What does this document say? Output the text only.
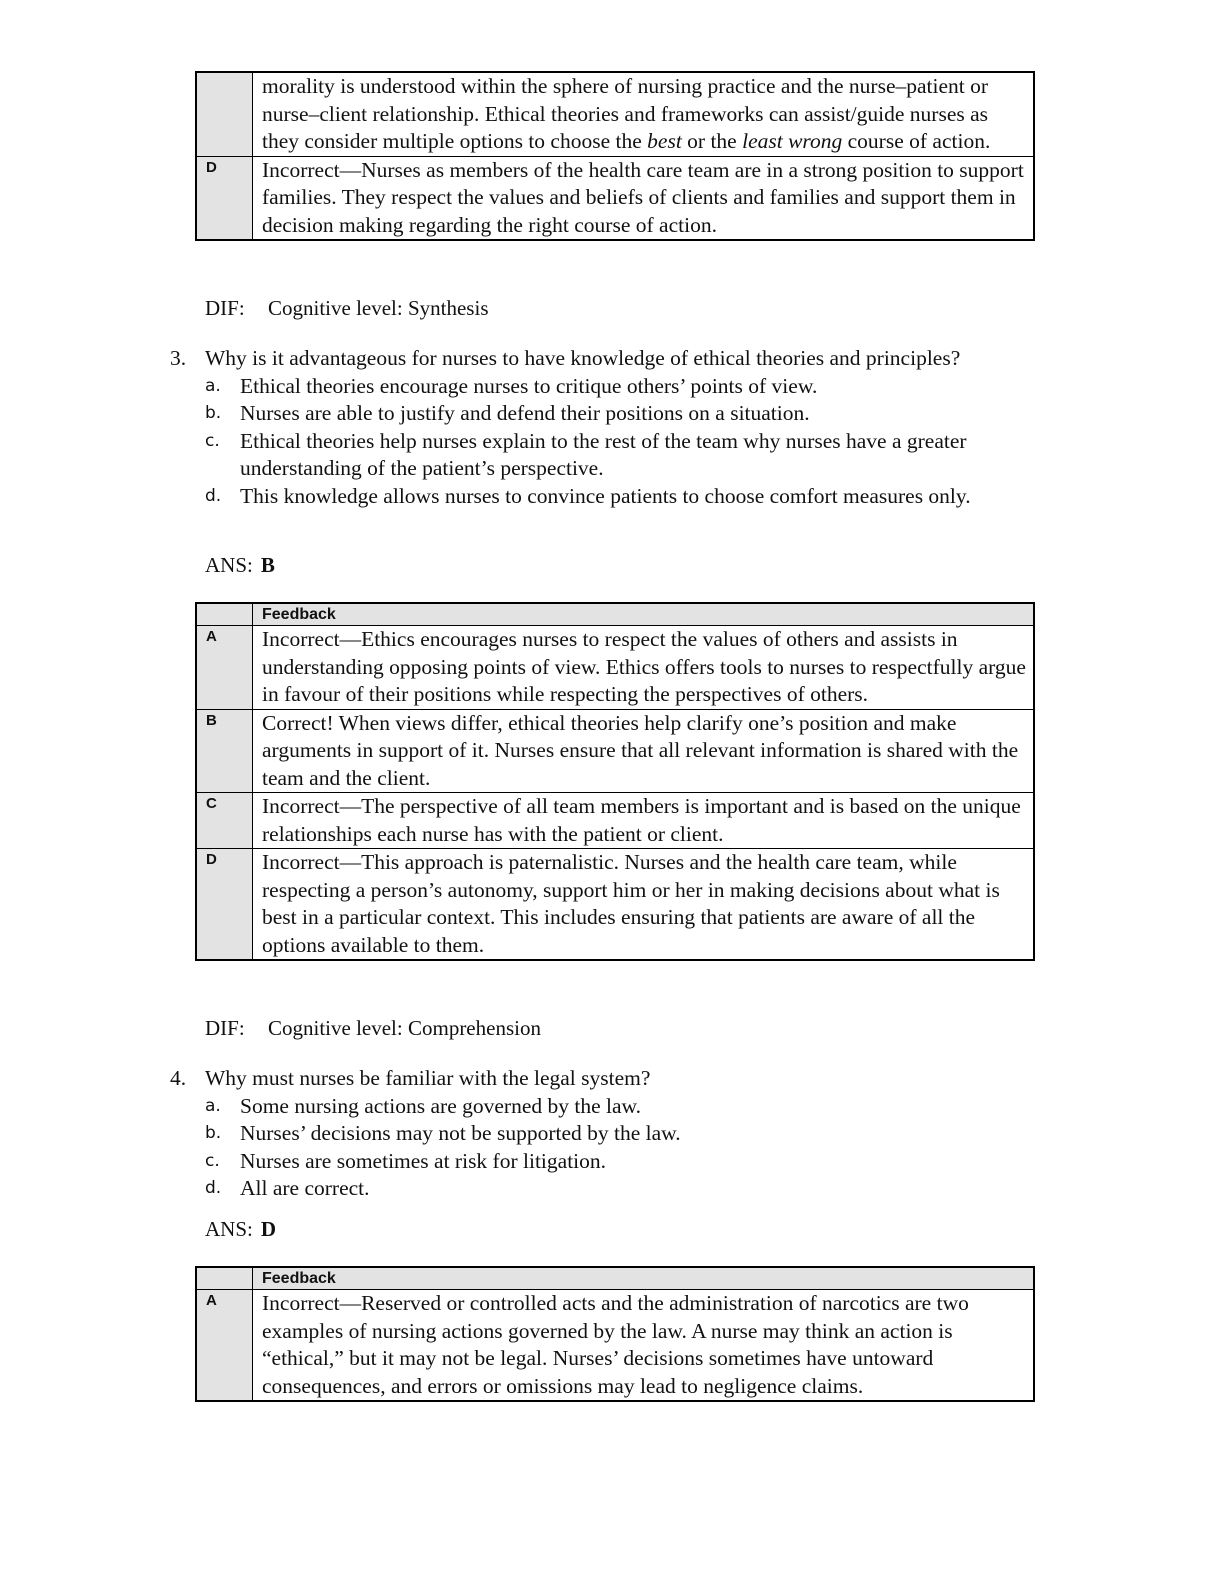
	morality is understood within the sphere of nursing practice and the nurse–patient or nurse–client relationship. Ethical theories and frameworks can assist/guide nurses as they consider multiple options to choose the best or the least wrong course of action.
D	Incorrect—Nurses as members of the health care team are in a strong position to support families. They respect the values and beliefs of clients and families and support them in decision making regarding the right course of action.
DIF: Cognitive level: Synthesis
3. Why is it advantageous for nurses to have knowledge of ethical theories and principles?
a. Ethical theories encourage nurses to critique others’ points of view.
b. Nurses are able to justify and defend their positions on a situation.
c. Ethical theories help nurses explain to the rest of the team why nurses have a greater understanding of the patient’s perspective.
d. This knowledge allows nurses to convince patients to choose comfort measures only.
ANS: B
	Feedback
A	Incorrect—Ethics encourages nurses to respect the values of others and assists in understanding opposing points of view. Ethics offers tools to nurses to respectfully argue in favour of their positions while respecting the perspectives of others.
B	Correct! When views differ, ethical theories help clarify one’s position and make arguments in support of it. Nurses ensure that all relevant information is shared with the team and the client.
C	Incorrect—The perspective of all team members is important and is based on the unique relationships each nurse has with the patient or client.
D	Incorrect—This approach is paternalistic. Nurses and the health care team, while respecting a person’s autonomy, support him or her in making decisions about what is best in a particular context. This includes ensuring that patients are aware of all the options available to them.
DIF: Cognitive level: Comprehension
4. Why must nurses be familiar with the legal system?
a. Some nursing actions are governed by the law.
b. Nurses’ decisions may not be supported by the law.
c. Nurses are sometimes at risk for litigation.
d. All are correct.
ANS: D
	Feedback
A	Incorrect—Reserved or controlled acts and the administration of narcotics are two examples of nursing actions governed by the law. A nurse may think an action is “ethical,” but it may not be legal. Nurses’ decisions sometimes have untoward consequences, and errors or omissions may lead to negligence claims.
